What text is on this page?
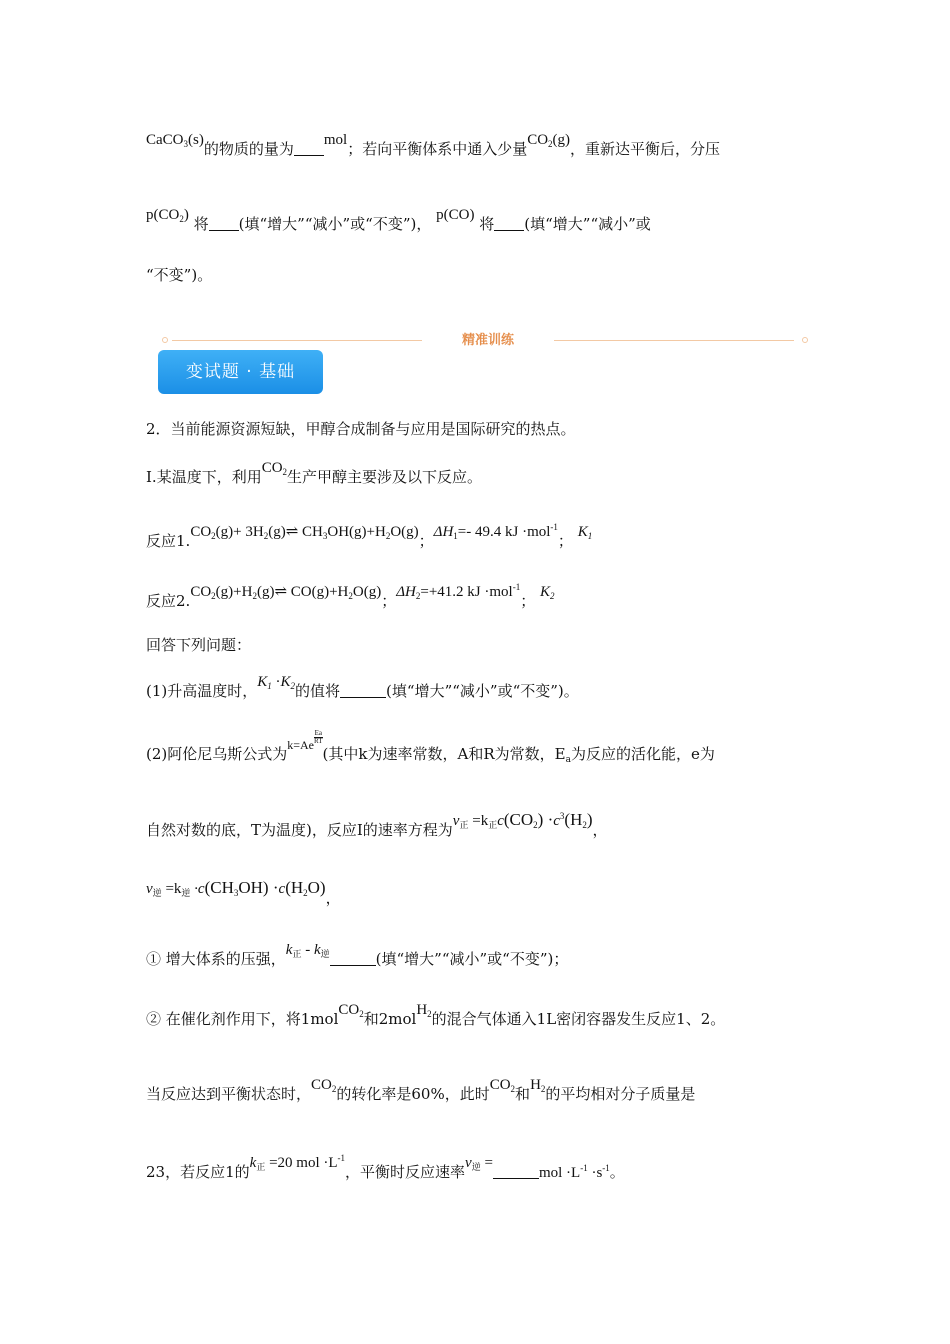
CaCO$_3$(s)的物质的量为 mol；若向平衡体系中通入少量$CO_2(g)$，重新达平衡后，分压
$p(CO_2)$ 将 (填“增大”“减小”或“不变”)， p(CO) 将 (填“增大”“减小”或
“不变”)。
精准训练
变试题 · 基础
2．当前能源资源短缺，甲醇合成制备与应用是国际研究的热点。
I.某温度下，利用$CO_2$生产甲醇主要涉及以下反应。
反应$1.CO_2(g)+$ $3H_2(g)\rightleftharpoons$ $CH_3OH(g)+H_2O(g)$；$\Delta H_1=-$ 49.4 kJ ·mol$^{-1}$； $K_1$
反应$2.CO_2(g)+H_2(g)\rightleftharpoons$ $CO(g)+H_2O(g)$；$\Delta H_2=+41.2$ kJ ·mol$^{-1}$； $K_2$
回答下列问题：
(1)升高温度时，$K_1 \cdot K_2$的值将	(填“增大”“减小”或“不变”)。
(2)阿伦尼乌斯公式为$^{k=Ae \frac{Ea}{RT}}$
(其中k为速率常数，A和R为常数，$E_a$为反应的活化能，e为
自然对数的底，T为温度)，反应I的速率方程为$v_正 =k_正c(CO_2) \cdot c^3(H_2)$，
$v_逆 =k_逆 \cdot c(CH_3OH) \cdot c(H_2O)$，
① 增大体系的压强，$k_正 - k_逆$	(填“增大”“减小”或“不变”)；
② 在催化剂作用下，将1molCO$_2$和2molH$_2$的混合气体通入1L密闭容器发生反应1、2。
当反应达到平衡状态时，$CO_2$的转化率是60%，此时$CO_2$和$H_2$的平均相对分子质量是
23，若反应1的$k_正 =20$ mol $\cdot L^{-1}$，平衡时反应速率$v_逆 =mol \cdot L^{-1} \cdot s^{-1}$。
